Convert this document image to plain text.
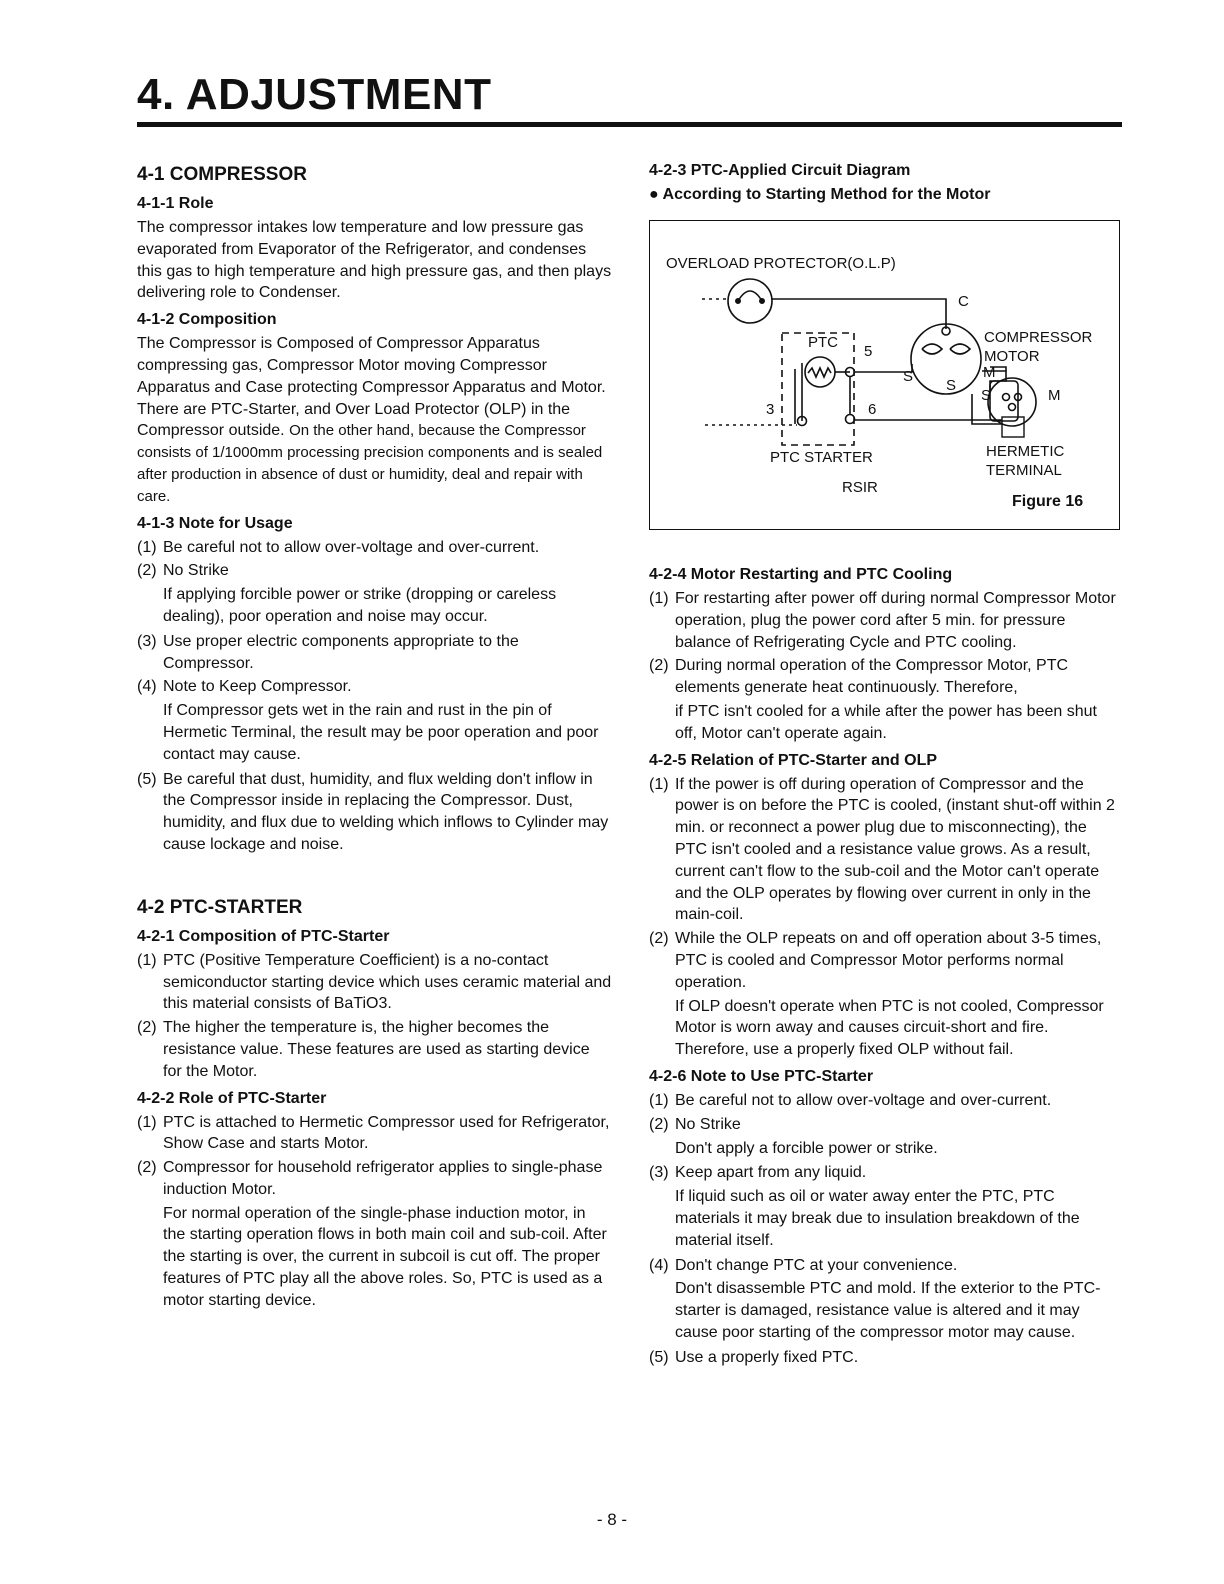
4. ADJUSTMENT
4-1 COMPRESSOR
4-1-1 Role

The compressor intakes low temperature and low pressure gas evaporated from Evaporator of the Refrigerator, and condenses this gas to high temperature and high pressure gas, and then plays delivering role to Condenser.

4-1-2 Composition

The Compressor is Composed of Compressor Apparatus compressing gas, Compressor Motor moving Compressor Apparatus and Case protecting Compressor Apparatus and Motor. There are PTC-Starter, and Over Load Protector (OLP) in the Compressor outside. On the other hand, because the Compressor consists of 1/1000mm processing precision components and is sealed after production in absence of dust or humidity, deal and repair with care.

4-1-3 Note for Usage
(1) Be careful not to allow over-voltage and over-current.
(2) No Strike
If applying forcible power or strike (dropping or careless dealing), poor operation and noise may occur.
(3) Use proper electric components appropriate to the Compressor.
(4) Note to Keep Compressor.
If Compressor gets wet in the rain and rust in the pin of Hermetic Terminal, the result may be poor operation and poor contact may cause.
(5) Be careful that dust, humidity, and flux welding don't inflow in the Compressor inside in replacing the Compressor. Dust, humidity, and flux due to welding which inflows to Cylinder may cause lockage and noise.
4-2 PTC-STARTER
4-2-1 Composition of PTC-Starter
(1) PTC (Positive Temperature Coefficient) is a no-contact semiconductor starting device which uses ceramic material and this material consists of BaTiO3.
(2) The higher the temperature is, the higher becomes the resistance value. These features are used as starting device for the Motor.
4-2-2 Role of PTC-Starter
(1) PTC is attached to Hermetic Compressor used for Refrigerator, Show Case and starts Motor.
(2) Compressor for household refrigerator applies to single-phase induction Motor.
For normal operation of the single-phase induction motor, in the starting operation flows in both main coil and sub-coil. After the starting is over, the current in subcoil is cut off. The proper features of PTC play all the above roles. So, PTC is used as a motor starting device.
4-2-3 PTC-Applied Circuit Diagram
● According to Starting Method for the Motor
OVERLOAD PROTECTOR(O.L.P)
C
PTC
5
3	6
S
S
M
S	M
COMPRESSOR
MOTOR
PTC STARTER
RSIR
HERMETIC
TERMINAL
Figure 16
4-2-4 Motor Restarting and PTC Cooling
(1) For restarting after power off during normal Compressor Motor operation, plug the power cord after 5 min. for pressure balance of Refrigerating Cycle and PTC cooling.
(2) During normal operation of the Compressor Motor, PTC elements generate heat continuously. Therefore,
if PTC isn't cooled for a while after the power has been shut off, Motor can't operate again.
4-2-5 Relation of PTC-Starter and OLP
(1) If the power is off during operation of Compressor and the power is on before the PTC is cooled, (instant shut-off within 2 min. or reconnect a power plug due to misconnecting), the PTC isn't cooled and a resistance value grows. As a result, current can't flow to the sub-coil and the Motor can't operate and the OLP operates by flowing over current in only in the main-coil.
(2) While the OLP repeats on and off operation about 3-5 times, PTC is cooled and Compressor Motor performs normal operation.
If OLP doesn't operate when PTC is not cooled, Compressor Motor is worn away and causes circuit-short and fire. Therefore, use a properly fixed OLP without fail.
4-2-6 Note to Use PTC-Starter
(1) Be careful not to allow over-voltage and over-current.
(2) No Strike
Don't apply a forcible power or strike.
(3) Keep apart from any liquid.
If liquid such as oil or water away enter the PTC, PTC materials it may break due to insulation breakdown of the material itself.
(4) Don't change PTC at your convenience.
Don't disassemble PTC and mold. If the exterior to the PTC-starter is damaged, resistance value is altered and it may cause poor starting of the compressor motor may cause.
(5) Use a properly fixed PTC.
- 8 -
